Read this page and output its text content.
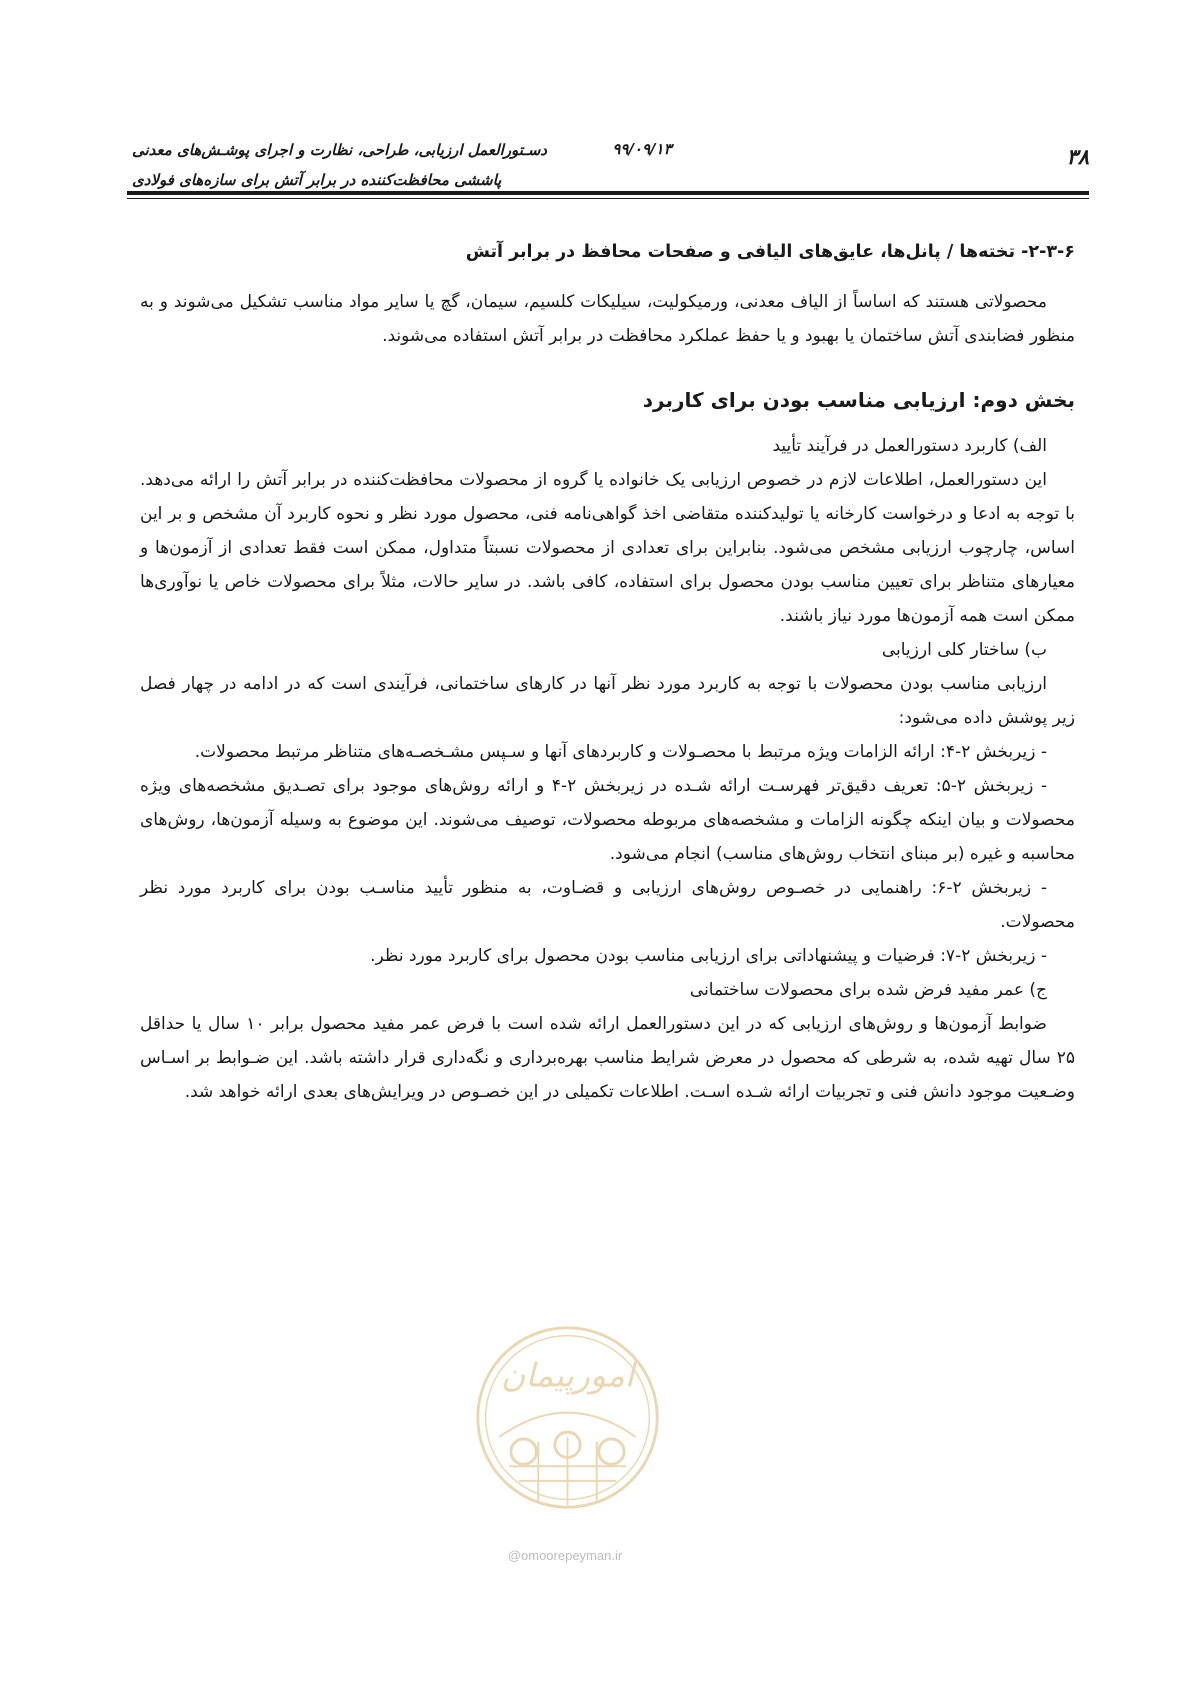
۳۸
۹۹/۰۹/۱۳
دسـتورالعمل ارزیابی، طراحی، نظارت و اجرای پوشـش‌های معدنی
پاششی محافظت‌کننده در برابر آتش برای سازه‌های فولادی

۲-۳-۶- تخته‌ها / پانل‌ها، عایق‌های الیافی و صفحات محافظ در برابر آتش

محصولاتی هستند که اساساً از الیاف معدنی، ورمیکولیت، سیلیکات کلسیم، سیمان، گچ یا سایر مواد مناسب تشکیل می‌شوند و به منظور فضابندی آتش ساختمان یا بهبود و یا حفظ عملکرد محافظت در برابر آتش استفاده می‌شوند.

بخش دوم: ارزیابی مناسب بودن برای کاربرد

الف) کاربرد دستورالعمل در فرآیند تأیید

این دستورالعمل، اطلاعات لازم در خصوص ارزیابی یک خانواده یا گروه از محصولات محافظت‌کننده در برابر آتش را ارائه می‌دهد. با توجه به ادعا و درخواست کارخانه یا تولیدکننده متقاضی اخذ گواهی‌نامه فنی، محصول مورد نظر و نحوه کاربرد آن مشخص و بر این اساس، چارچوب ارزیابی مشخص می‌شود. بنابراین برای تعدادی از محصولات نسبتاً متداول، ممکن است فقط تعدادی از آزمون‌ها و معیارهای متناظر برای تعیین مناسب بودن محصول برای استفاده، کافی باشد. در سایر حالات، مثلاً برای محصولات خاص یا نوآوری‌ها ممکن است همه آزمون‌ها مورد نیاز باشند.

ب) ساختار کلی ارزیابی

ارزیابی مناسب بودن محصولات با توجه به کاربرد مورد نظر آنها در کارهای ساختمانی، فرآیندی است که در ادامه در چهار فصل زیر پوشش داده می‌شود:

- زیربخش ۲-۴: ارائه الزامات ویژه مرتبط با محصـولات و کاربردهای آنها و سـپس مشـخصـه‌های متناظر مرتبط محصولات.

- زیربخش ۲-۵: تعریف دقیق‌تر فهرسـت ارائه شـده در زیربخش ۲-۴ و ارائه روش‌های موجود برای تصـدیق مشخصه‌های ویژه محصولات و بیان اینکه چگونه الزامات و مشخصه‌های مربوطه محصولات، توصیف می‌شوند. این موضوع به وسیله آزمون‌ها، روش‌های محاسبه و غیره (بر مبنای انتخاب روش‌های مناسب) انجام می‌شود.

- زیربخش ۲-۶: راهنمایی در خصـوص روش‌های ارزیابی و قضـاوت، به منظور تأیید مناسـب بودن برای کاربرد مورد نظر محصولات.

- زیربخش ۲-۷: فرضیات و پیشنهاداتی برای ارزیابی مناسب بودن محصول برای کاربرد مورد نظر.

ج) عمر مفید فرض شده برای محصولات ساختمانی

ضوابط آزمون‌ها و روش‌های ارزیابی که در این دستورالعمل ارائه شده است با فرض عمر مفید محصول برابر ۱۰ سال یا حداقل ۲۵ سال تهیه شده، به شرطی که محصول در معرض شرایط مناسب بهره‌برداری و نگه‌داری قرار داشته باشد. این ضـوابط بر اسـاس وضـعیت موجود دانش فنی و تجربیات ارائه شـده اسـت. اطلاعات تکمیلی در این خصـوص در ویرایش‌های بعدی ارائه خواهد شد.

امورپیمان
@omoorepeyman.ir
